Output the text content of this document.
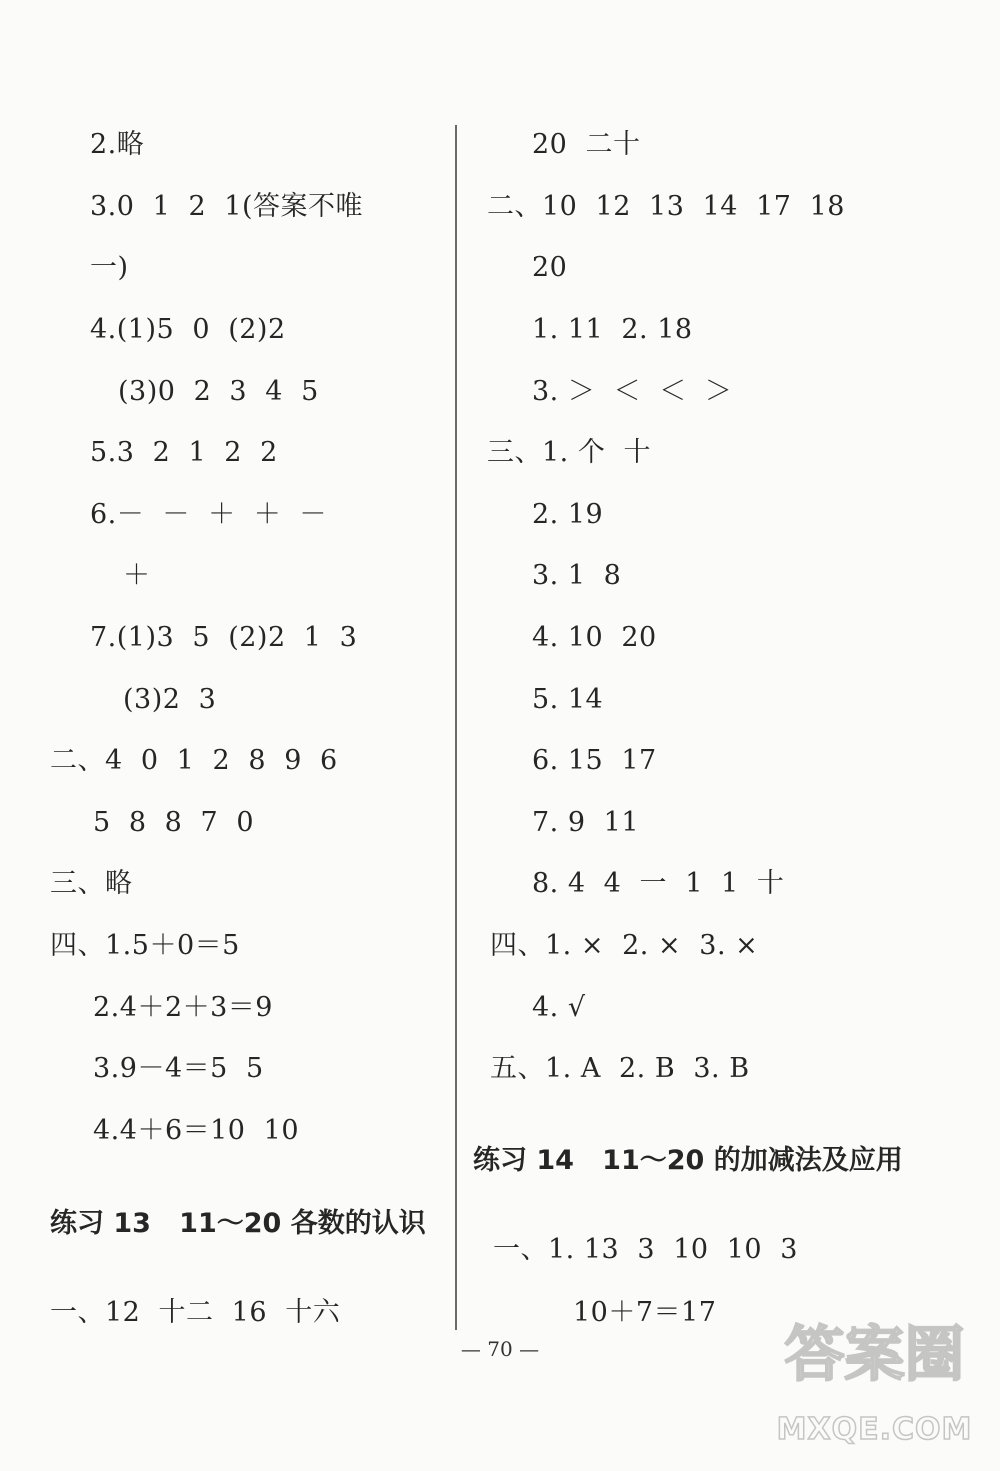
2.略
3.0  1  2  1(答案不唯
一)
4.(1)5  0  (2)2
(3)0  2  3  4  5
5.3  2  1  2  2
6.－  －  ＋  ＋  －
＋
7.(1)3  5  (2)2  1  3
(3)2  3
二、4  0  1  2  8  9  6
5  8  8  7  0
三、略
四、1.5＋0＝5
2.4＋2＋3＝9
3.9－4＝5  5
4.4＋6＝10  10
练习 13   11～20 各数的认识
一、12  十二  16  十六
20  二十
二、10  12  13  14  17  18
20
1. 11  2. 18
3. ＞  ＜  ＜  ＞
三、1. 个  十
2. 19
3. 1  8
4. 10  20
5. 14
6. 15  17
7. 9  11
8. 4  4  一  1  1  十
四、1. ×  2. ×  3. ×
4. √
五、1. A  2. B  3. B
练习 14   11～20 的加减法及应用
一、1. 13  3  10  10  3
10＋7＝17
— 70 —	答案圈
MXQE.COM
